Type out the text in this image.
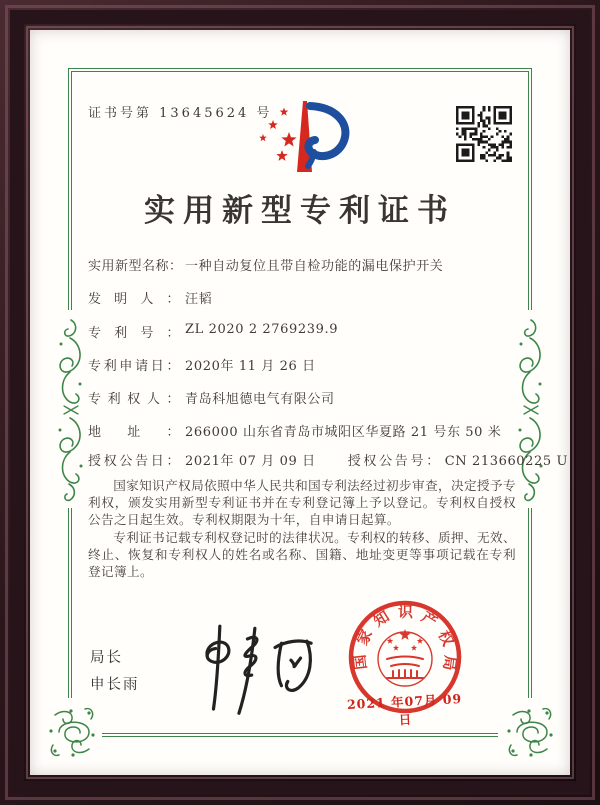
证书号第 13645624 号
实用新型专利证书
实用新型名称： 一种自动复位且带自检功能的漏电保护开关
发明人： 汪韬
专利号： ZL 2020 2 2769239.9
专利申请日： 2020年 11 月 26 日
专利权人： 青岛科旭德电气有限公司
地址： 266000 山东省青岛市城阳区华夏路 21 号东 50 米
授权公告日： 2021年 07 月 09 日 授权公告号： CN 213660225 U

国家知识产权局依照中华人民共和国专利法经过初步审查，决定授予专利权，颁发实用新型专利证书并在专利登记簿上予以登记。专利权自授权公告之日起生效。专利权期限为十年，自申请日起算。

专利证书记载专利权登记时的法律状况。专利权的转移、质押、无效、终止、恢复和专利权人的姓名或名称、国籍、地址变更等事项记载在专利登记簿上。

局长
申长雨
国家知识产权局
2021 年07月 09日
